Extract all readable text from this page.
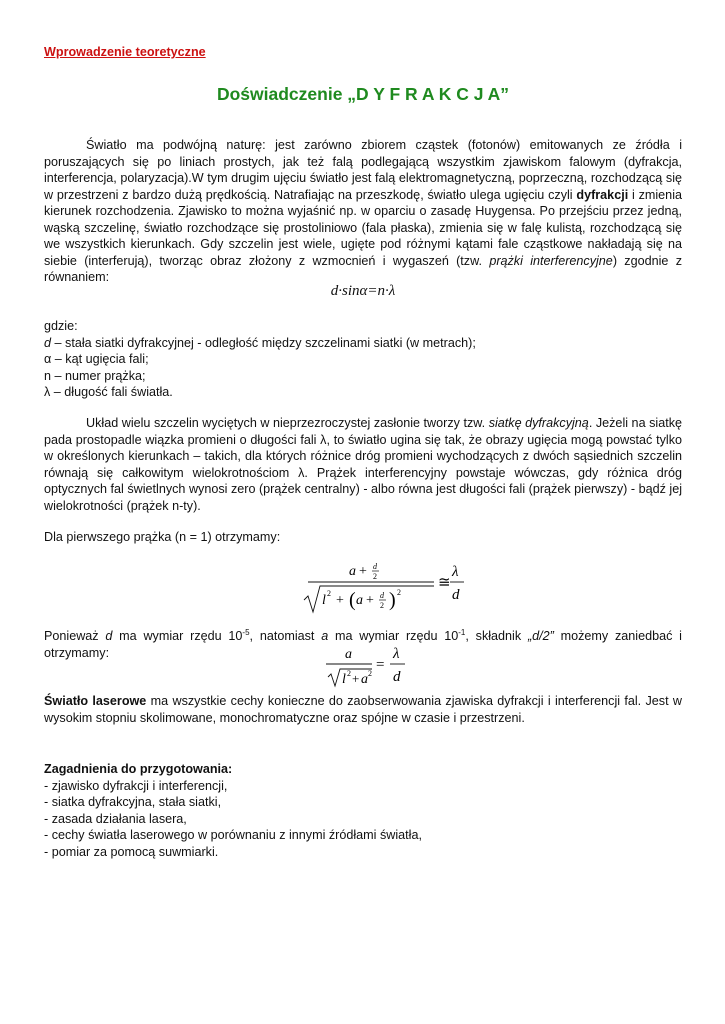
Wprowadzenie teoretyczne
Doświadczenie „D Y F R A K C J A”

Światło ma podwójną naturę: jest zarówno zbiorem cząstek (fotonów) emitowanych ze źródła i poruszających się po liniach prostych, jak też falą podlegającą wszystkim zjawiskom falowym (dyfrakcja, interferencja, polaryzacja).W tym drugim ujęciu światło jest falą elektromagnetyczną, poprzeczną, rozchodzącą się w przestrzeni z bardzo dużą prędkością. Natrafiając na przeszkodę, światło ulega ugięciu czyli dyfrakcji i zmienia kierunek rozchodzenia. Zjawisko to można wyjaśnić np. w oparciu o zasadę Huygensa. Po przejściu przez jedną, wąską szczelinę, światło rozchodzące się prostoliniowo (fala płaska), zmienia się w falę kulistą, rozchodzącą się we wszystkich kierunkach. Gdy szczelin jest wiele, ugięte pod różnymi kątami fale cząstkowe nakładają się na siebie (interferują), tworząc obraz złożony z wzmocnień i wygaszeń (tzw. prążki interferencyjne) zgodnie z równaniem:

d·sinα=n·λ
gdzie:
d – stała siatki dyfrakcyjnej - odległość między szczelinami siatki (w metrach);
α – kąt ugięcia fali;
n – numer prążka;
λ – długość fali światła.

Układ wielu szczelin wyciętych w nieprzezroczystej zasłonie tworzy tzw. siatkę dyfrakcyjną. Jeżeli na siatkę pada prostopadle wiązka promieni o długości fali λ, to światło ugina się tak, że obrazy ugięcia mogą powstać tylko w określonych kierunkach – takich, dla których różnice dróg promieni wychodzących z dwóch sąsiednich szczelin równają się całkowitym wielokrotnościom λ. Prążek interferencyjny powstaje wówczas, gdy różnica dróg optycznych fal świetlnych wynosi zero (prążek centralny) - albo równa jest długości fali (prążek pierwszy) - bądź jej wielokrotności (prążek n-ty).

Dla pierwszego prążka (n = 1) otrzymamy:
a + d
2
l 2 + ( a + d
2 ) 2
≅
λ
d

Ponieważ d ma wymiar rzędu $10^{-5}$, natomiast a ma wymiar rzędu $10^{-1}$, składnik „d/2” możemy zaniedbać i otrzymamy:	a
l 2 + a 2
=
λ
d

Światło laserowe ma wszystkie cechy konieczne do zaobserwowania zjawiska dyfrakcji i interferencji fal. Jest w wysokim stopniu skolimowane, monochromatyczne oraz spójne w czasie i przestrzeni.

Zagadnienia do przygotowania:
- zjawisko dyfrakcji i interferencji,
- siatka dyfrakcyjna, stała siatki,
- zasada działania lasera,
- cechy światła laserowego w porównaniu z innymi źródłami światła,
- pomiar za pomocą suwmiarki.
